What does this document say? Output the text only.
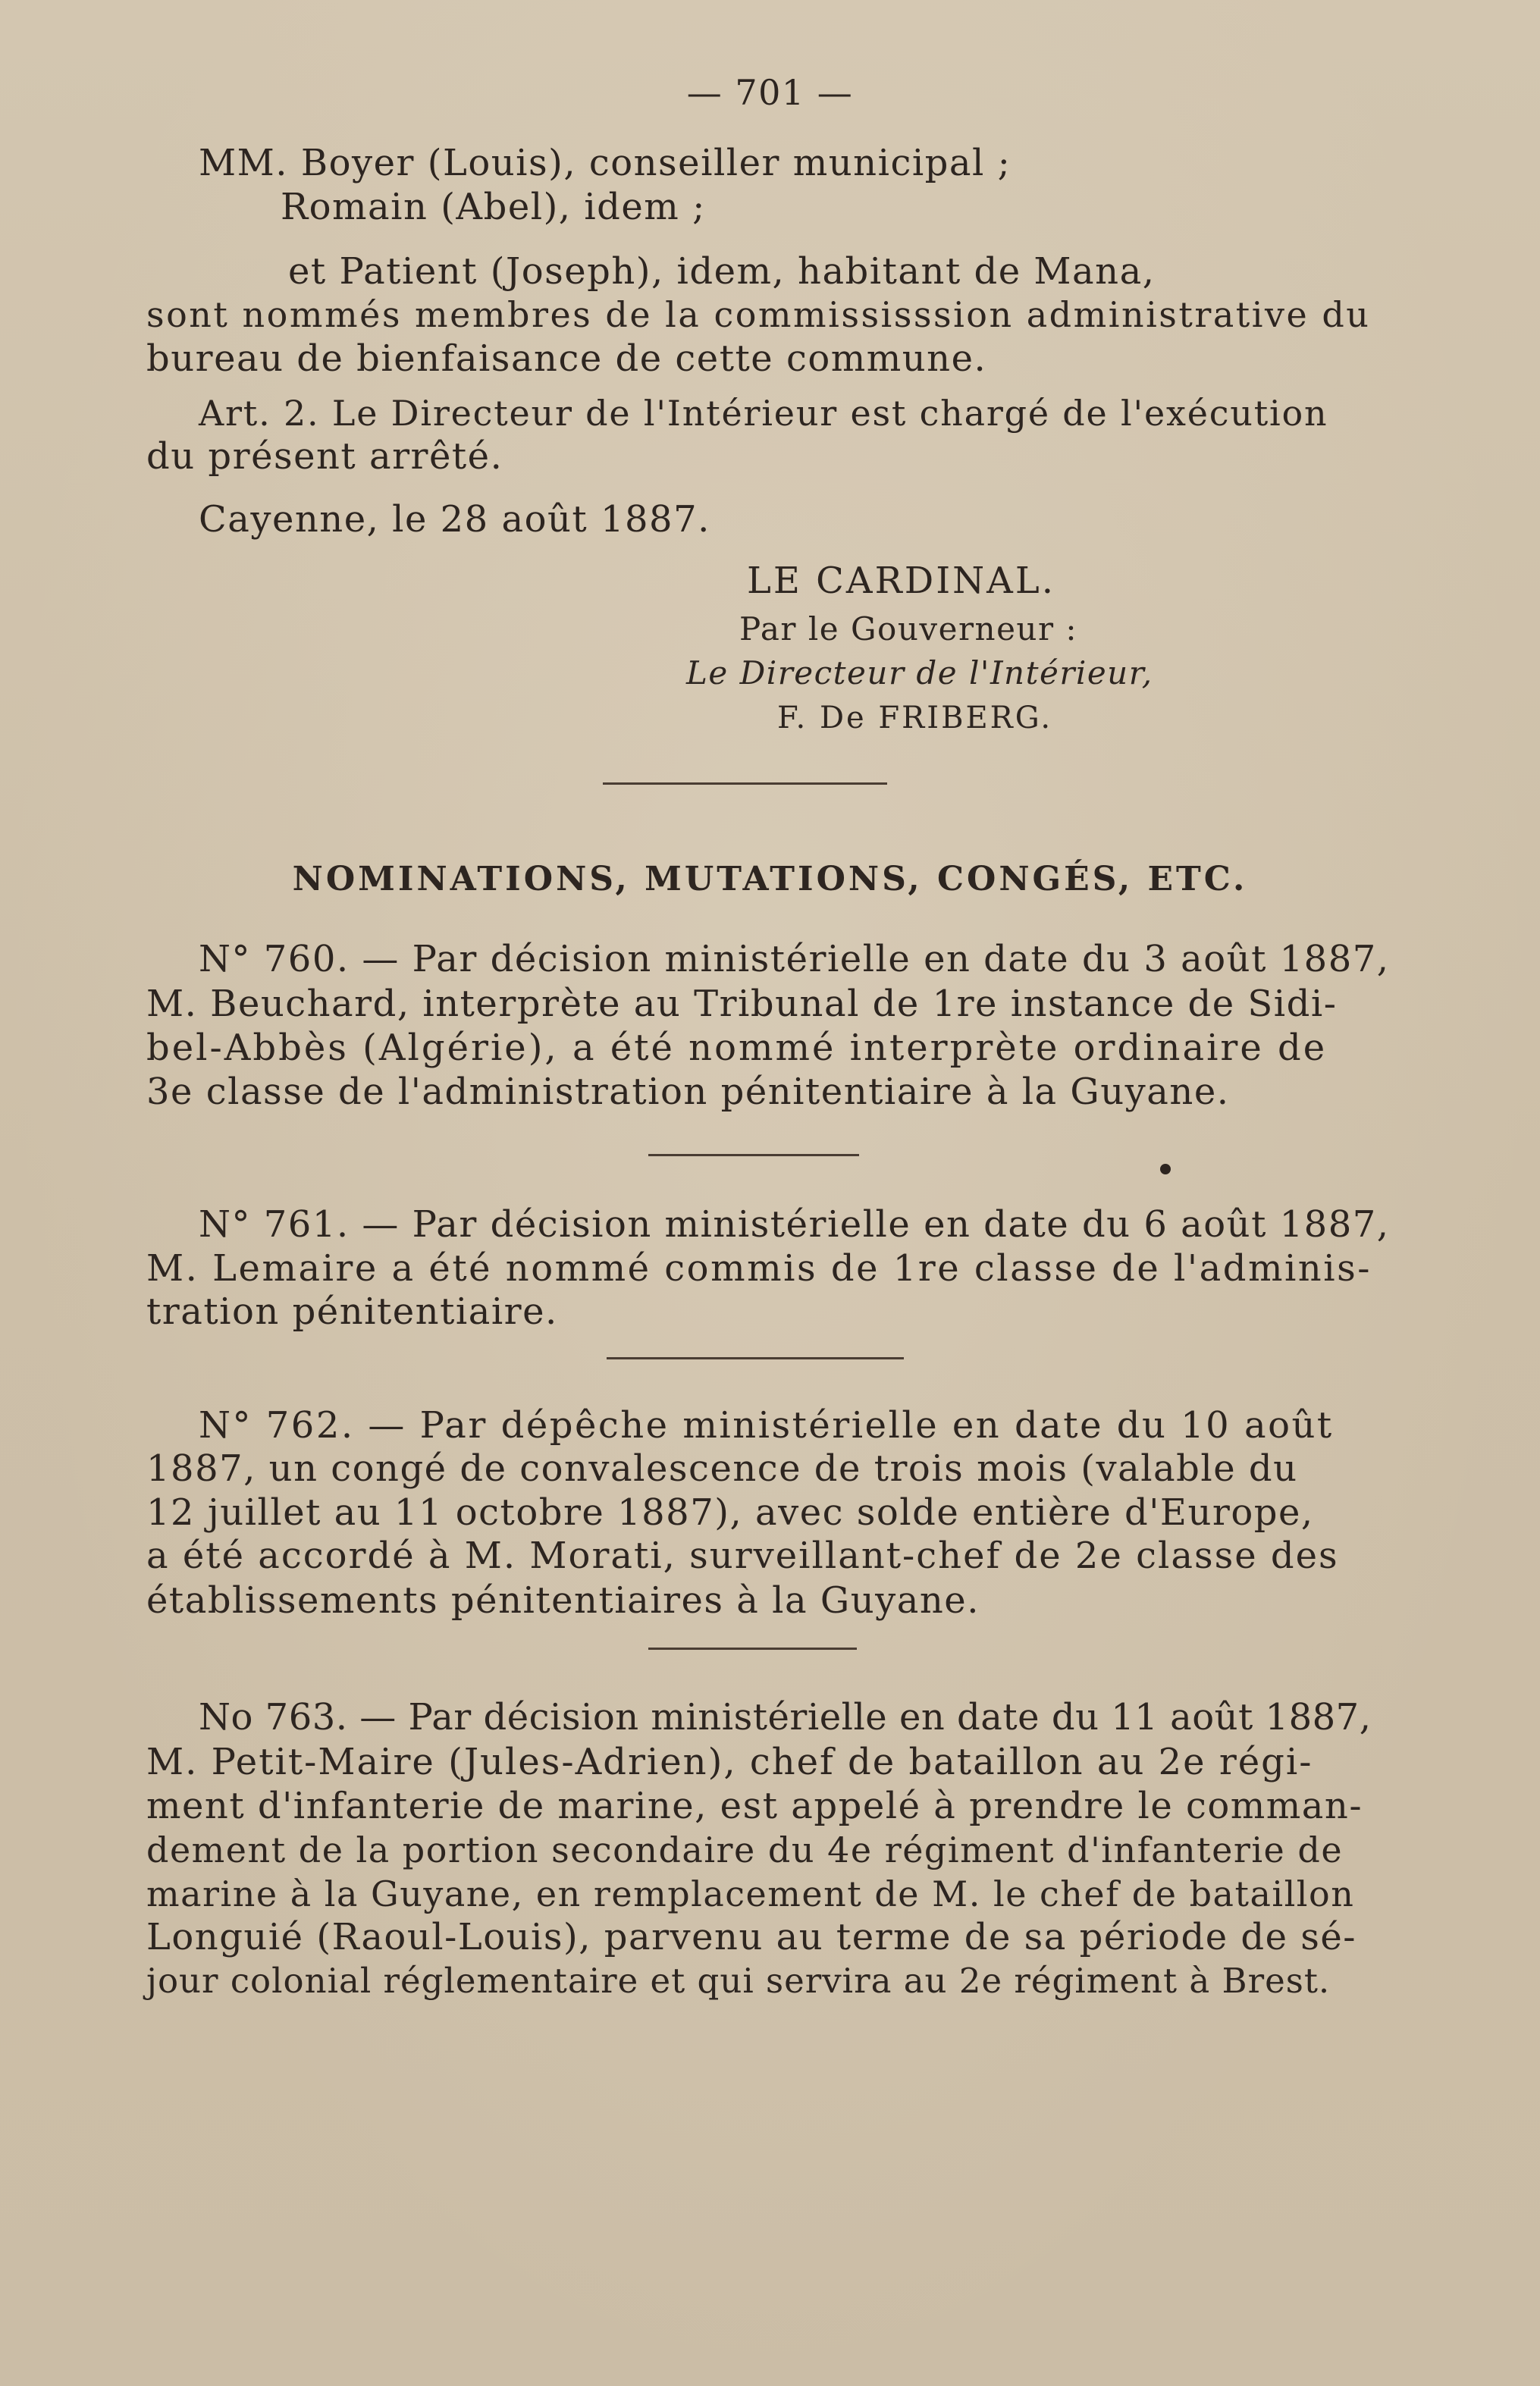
— 701 —
MM. Boyer (Louis), conseiller municipal ;
Romain (Abel), idem ;
et Patient (Joseph), idem, habitant de Mana,
sont nommés membres de la commississsion administrative du
bureau de bienfaisance de cette commune.
Art. 2. Le Directeur de l'Intérieur est chargé de l'exécution
du présent arrêté.
Cayenne, le 28 août 1887.
LE CARDINAL.
Par le Gouverneur :
Le Directeur de l'Intérieur,
F. De FRIBERG.
NOMINATIONS, MUTATIONS, CONGÉS, ETC.
N° 760. — Par décision ministérielle en date du 3 août 1887,
M. Beuchard, interprète au Tribunal de 1re instance de Sidi-
bel-Abbès (Algérie), a été nommé interprète ordinaire de
3e classe de l'administration pénitentiaire à la Guyane.
N° 761. — Par décision ministérielle en date du 6 août 1887,
M. Lemaire a été nommé commis de 1re classe de l'adminis-
tration pénitentiaire.
N° 762. — Par dépêche ministérielle en date du 10 août
1887, un congé de convalescence de trois mois (valable du
12 juillet au 11 octobre 1887), avec solde entière d'Europe,
a été accordé à M. Morati, surveillant-chef de 2e classe des
établissements pénitentiaires à la Guyane.
No 763. — Par décision ministérielle en date du 11 août 1887,
M. Petit-Maire (Jules-Adrien), chef de bataillon au 2e régi-
ment d'infanterie de marine, est appelé à prendre le comman-
dement de la portion secondaire du 4e régiment d'infanterie de
marine à la Guyane, en remplacement de M. le chef de bataillon
Longuié (Raoul-Louis), parvenu au terme de sa période de sé-
jour colonial réglementaire et qui servira au 2e régiment à Brest.
